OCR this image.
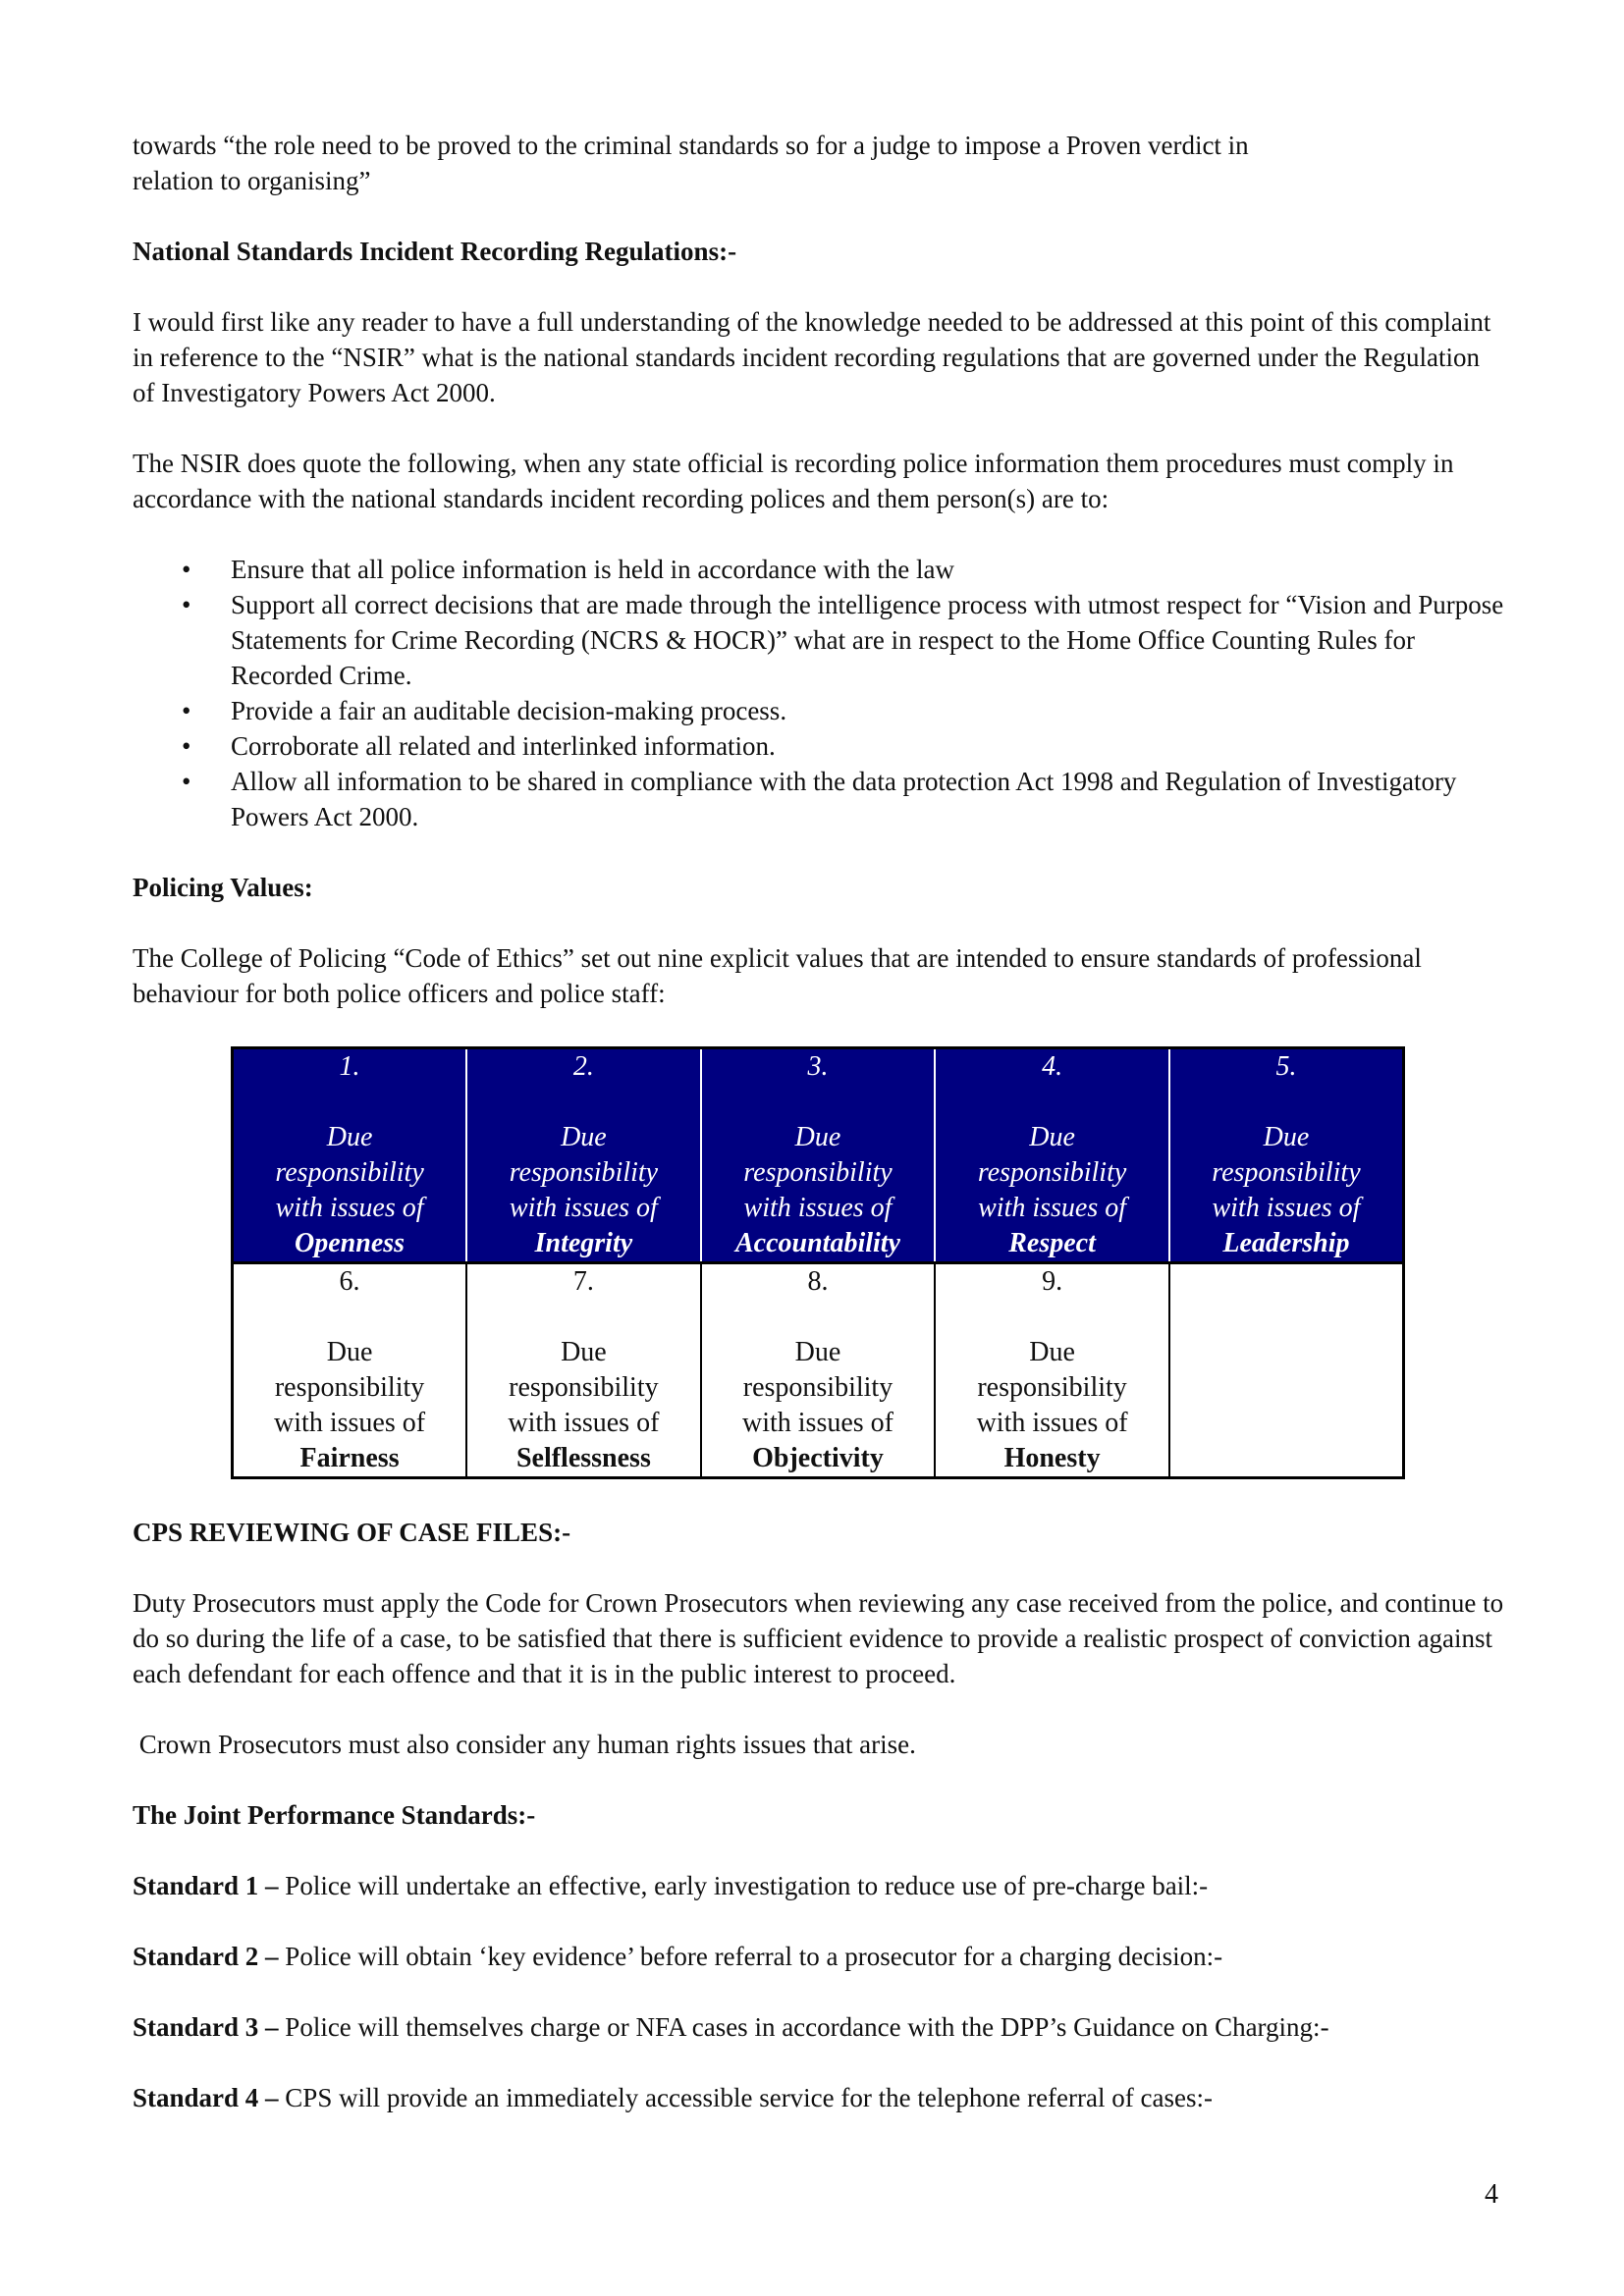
towards “the role need to be proved to the criminal standards so for a judge to impose a Proven verdict in
relation to organising”

National Standards Incident Recording Regulations:-

I would first like any reader to have a full understanding of the knowledge needed to be addressed at this point of this complaint in reference to the “NSIR” what is the national standards incident recording regulations that are governed under the Regulation of Investigatory Powers Act 2000.

The NSIR does quote the following, when any state official is recording police information them procedures must comply in accordance with the national standards incident recording polices and them person(s) are to:

• Ensure that all police information is held in accordance with the law
• Support all correct decisions that are made through the intelligence process with utmost respect for “Vision and Purpose Statements for Crime Recording (NCRS & HOCR)” what are in respect to the Home Office Counting Rules for Recorded Crime.
• Provide a fair an auditable decision-making process.
• Corroborate all related and interlinked information.
• Allow all information to be shared in compliance with the data protection Act 1998 and Regulation of Investigatory Powers Act 2000.

Policing Values:

The College of Policing “Code of Ethics” set out nine explicit values that are intended to ensure standards of professional behaviour for both police officers and police staff:

1.
Due
responsibility
with issues of
Openness	2.
Due
responsibility
with issues of
Integrity	3.
Due
responsibility
with issues of
Accountability	4.
Due
responsibility
with issues of
Respect	5.
Due
responsibility
with issues of
Leadership

6.
Due
responsibility
with issues of
Fairness	7.
Due
responsibility
with issues of
Selflessness	8.
Due
responsibility
with issues of
Objectivity	9.
Due
responsibility
with issues of
Honesty	

CPS REVIEWING OF CASE FILES:-

Duty Prosecutors must apply the Code for Crown Prosecutors when reviewing any case received from the police, and continue to do so during the life of a case, to be satisfied that there is sufficient evidence to provide a realistic prospect of conviction against each defendant for each offence and that it is in the public interest to proceed.

Crown Prosecutors must also consider any human rights issues that arise.

The Joint Performance Standards:-

Standard 1 – Police will undertake an effective, early investigation to reduce use of pre-charge bail:-

Standard 2 – Police will obtain ‘key evidence’ before referral to a prosecutor for a charging decision:-

Standard 3 – Police will themselves charge or NFA cases in accordance with the DPP’s Guidance on Charging:-

Standard 4 – CPS will provide an immediately accessible service for the telephone referral of cases:-

4
